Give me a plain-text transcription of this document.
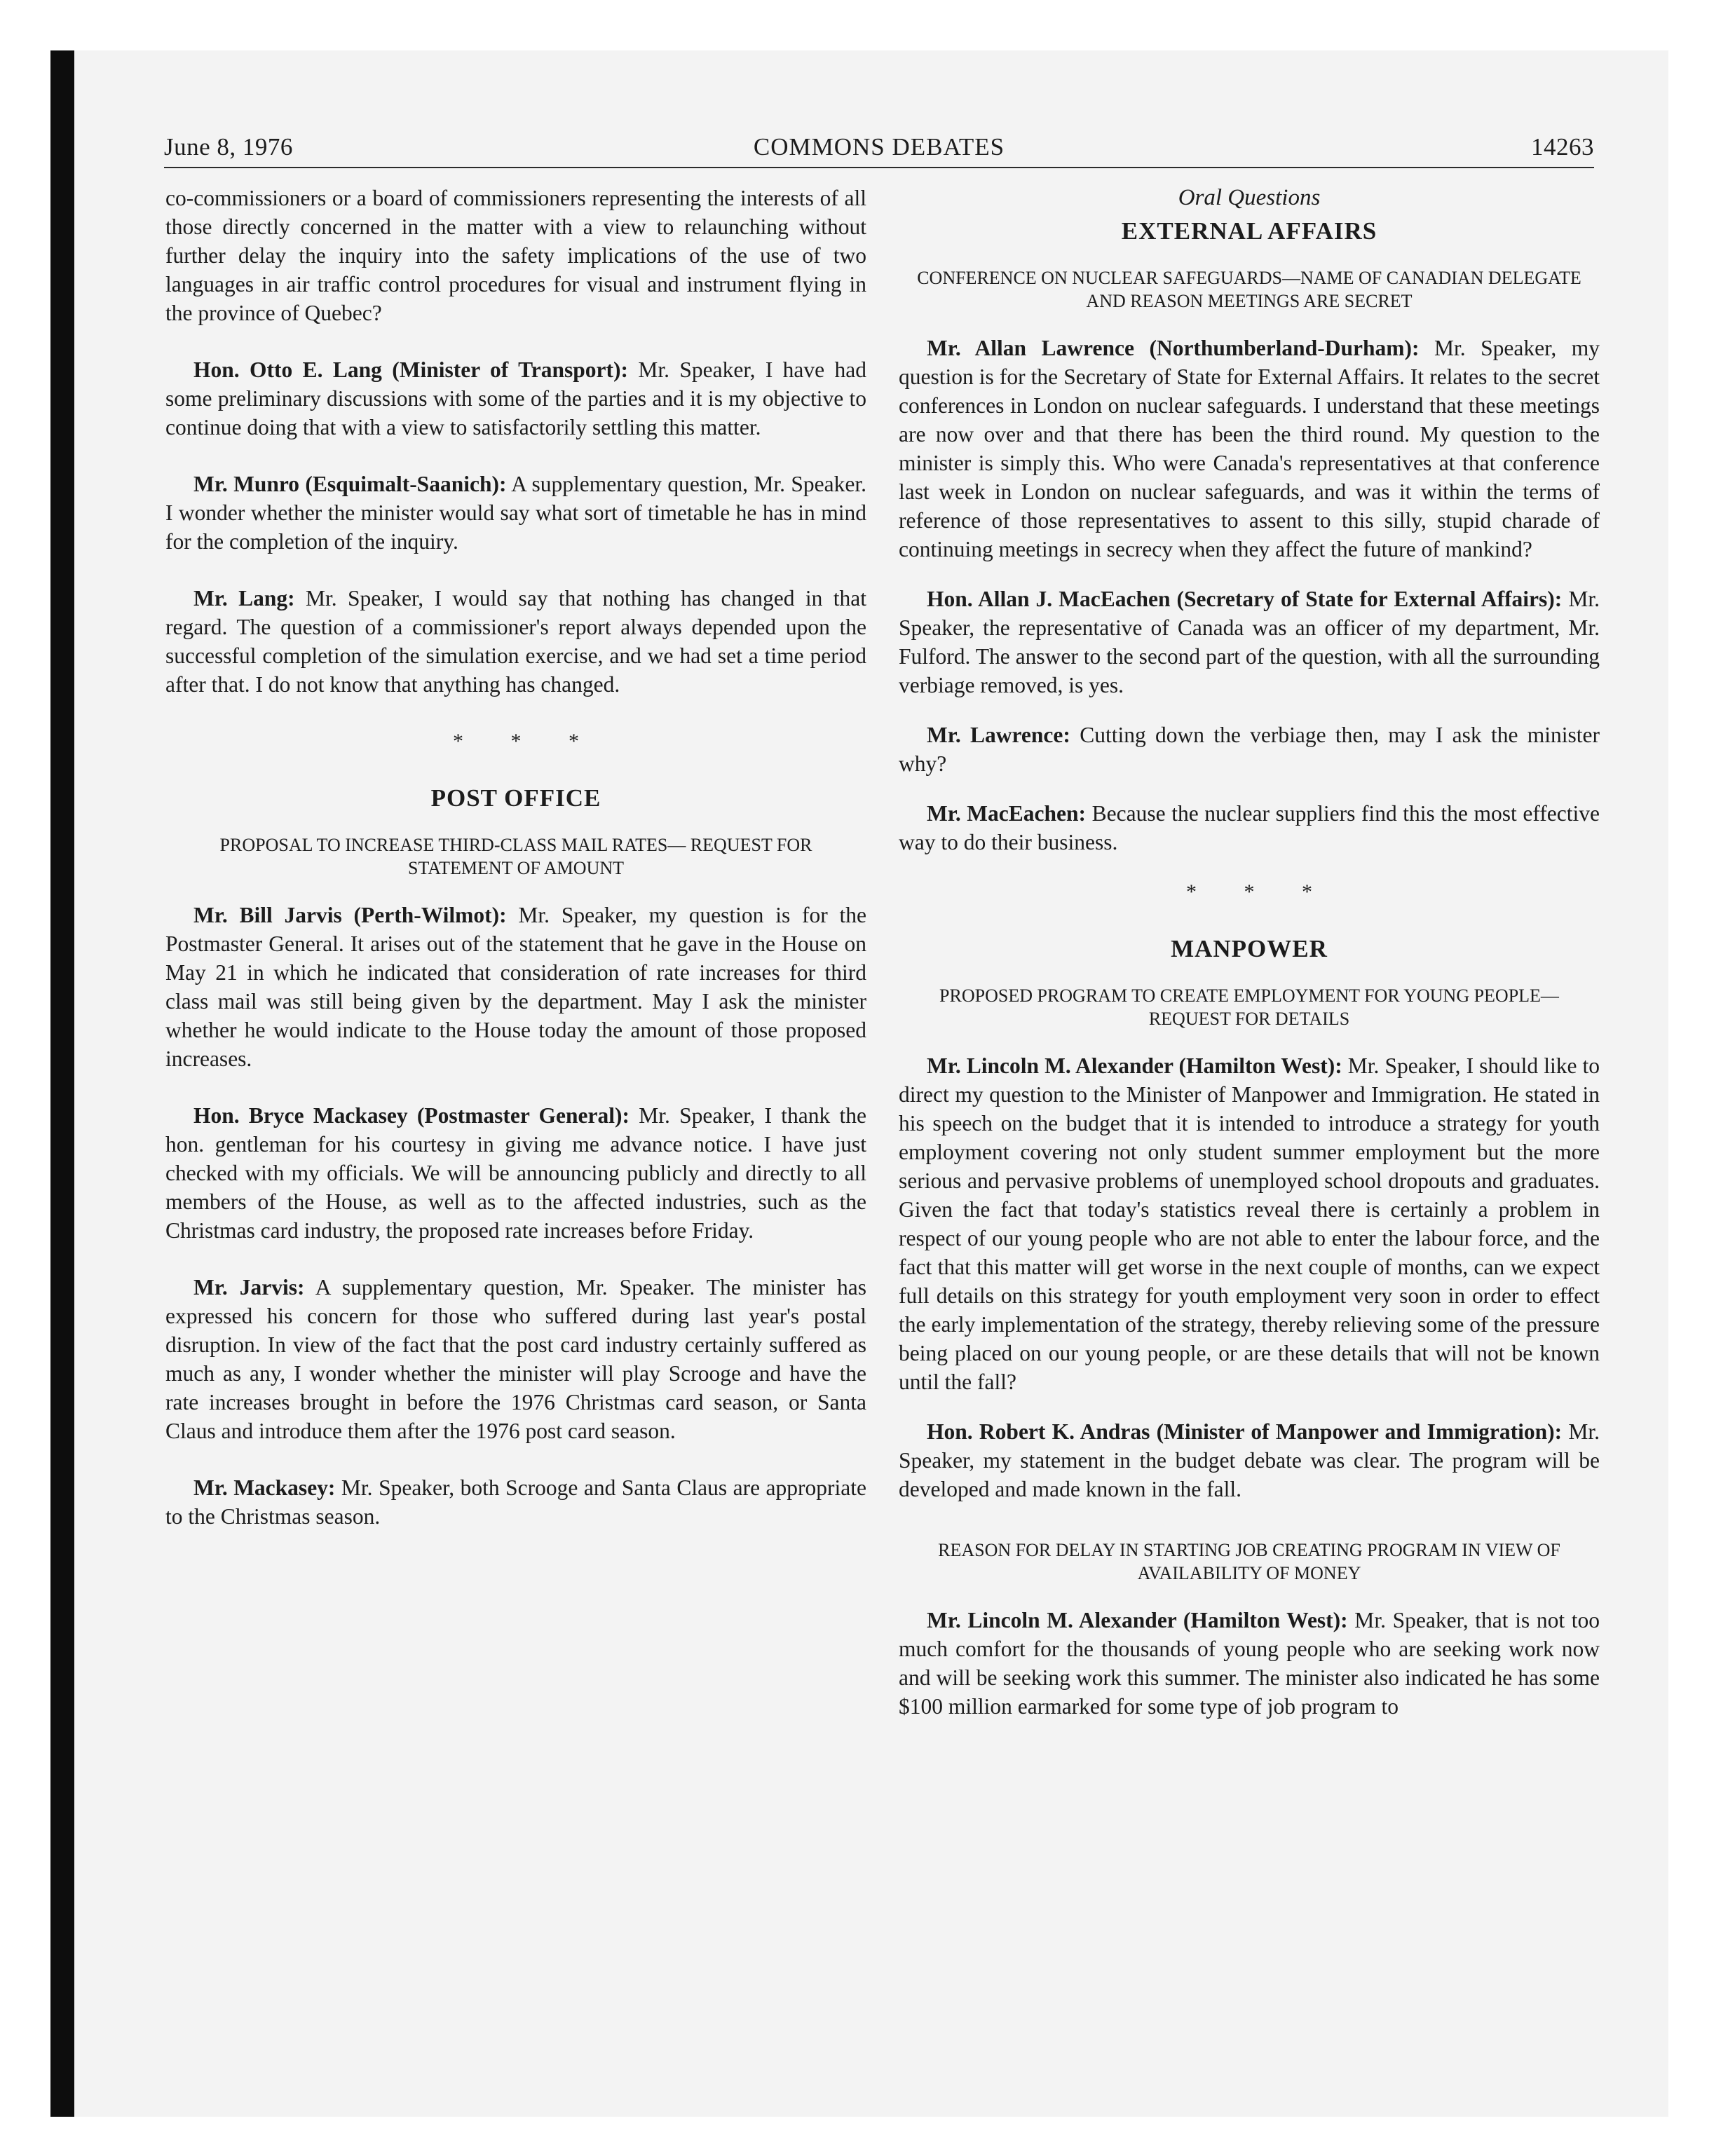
June 8, 1976	COMMONS DEBATES	14263

co-commissioners or a board of commissioners representing the interests of all those directly concerned in the matter with a view to relaunching without further delay the inquiry into the safety implications of the use of two languages in air traffic control procedures for visual and instrument flying in the province of Quebec?

Hon. Otto E. Lang (Minister of Transport): Mr. Speaker, I have had some preliminary discussions with some of the parties and it is my objective to continue doing that with a view to satisfactorily settling this matter.

Mr. Munro (Esquimalt-Saanich): A supplementary question, Mr. Speaker. I wonder whether the minister would say what sort of timetable he has in mind for the completion of the inquiry.

Mr. Lang: Mr. Speaker, I would say that nothing has changed in that regard. The question of a commissioner's report always depended upon the successful completion of the simulation exercise, and we had set a time period after that. I do not know that anything has changed.

* * *
POST OFFICE
PROPOSAL TO INCREASE THIRD-CLASS MAIL RATES— REQUEST FOR STATEMENT OF AMOUNT

Mr. Bill Jarvis (Perth-Wilmot): Mr. Speaker, my question is for the Postmaster General. It arises out of the statement that he gave in the House on May 21 in which he indicated that consideration of rate increases for third class mail was still being given by the department. May I ask the minister whether he would indicate to the House today the amount of those proposed increases.

Hon. Bryce Mackasey (Postmaster General): Mr. Speaker, I thank the hon. gentleman for his courtesy in giving me advance notice. I have just checked with my officials. We will be announcing publicly and directly to all members of the House, as well as to the affected industries, such as the Christmas card industry, the proposed rate increases before Friday.

Mr. Jarvis: A supplementary question, Mr. Speaker. The minister has expressed his concern for those who suffered during last year's postal disruption. In view of the fact that the post card industry certainly suffered as much as any, I wonder whether the minister will play Scrooge and have the rate increases brought in before the 1976 Christmas card season, or Santa Claus and introduce them after the 1976 post card season.

Mr. Mackasey: Mr. Speaker, both Scrooge and Santa Claus are appropriate to the Christmas season.

Oral Questions
EXTERNAL AFFAIRS
CONFERENCE ON NUCLEAR SAFEGUARDS—NAME OF CANADIAN DELEGATE AND REASON MEETINGS ARE SECRET

Mr. Allan Lawrence (Northumberland-Durham): Mr. Speaker, my question is for the Secretary of State for External Affairs. It relates to the secret conferences in London on nuclear safeguards. I understand that these meetings are now over and that there has been the third round. My question to the minister is simply this. Who were Canada's representatives at that conference last week in London on nuclear safeguards, and was it within the terms of reference of those representatives to assent to this silly, stupid charade of continuing meetings in secrecy when they affect the future of mankind?

Hon. Allan J. MacEachen (Secretary of State for External Affairs): Mr. Speaker, the representative of Canada was an officer of my department, Mr. Fulford. The answer to the second part of the question, with all the surrounding verbiage removed, is yes.

Mr. Lawrence: Cutting down the verbiage then, may I ask the minister why?

Mr. MacEachen: Because the nuclear suppliers find this the most effective way to do their business.

* * *
MANPOWER
PROPOSED PROGRAM TO CREATE EMPLOYMENT FOR YOUNG PEOPLE—REQUEST FOR DETAILS

Mr. Lincoln M. Alexander (Hamilton West): Mr. Speaker, I should like to direct my question to the Minister of Manpower and Immigration. He stated in his speech on the budget that it is intended to introduce a strategy for youth employment covering not only student summer employment but the more serious and pervasive problems of unemployed school dropouts and graduates. Given the fact that today's statistics reveal there is certainly a problem in respect of our young people who are not able to enter the labour force, and the fact that this matter will get worse in the next couple of months, can we expect full details on this strategy for youth employment very soon in order to effect the early implementation of the strategy, thereby relieving some of the pressure being placed on our young people, or are these details that will not be known until the fall?

Hon. Robert K. Andras (Minister of Manpower and Immigration): Mr. Speaker, my statement in the budget debate was clear. The program will be developed and made known in the fall.

REASON FOR DELAY IN STARTING JOB CREATING PROGRAM IN VIEW OF AVAILABILITY OF MONEY

Mr. Lincoln M. Alexander (Hamilton West): Mr. Speaker, that is not too much comfort for the thousands of young people who are seeking work now and will be seeking work this summer. The minister also indicated he has some $100 million earmarked for some type of job program to
